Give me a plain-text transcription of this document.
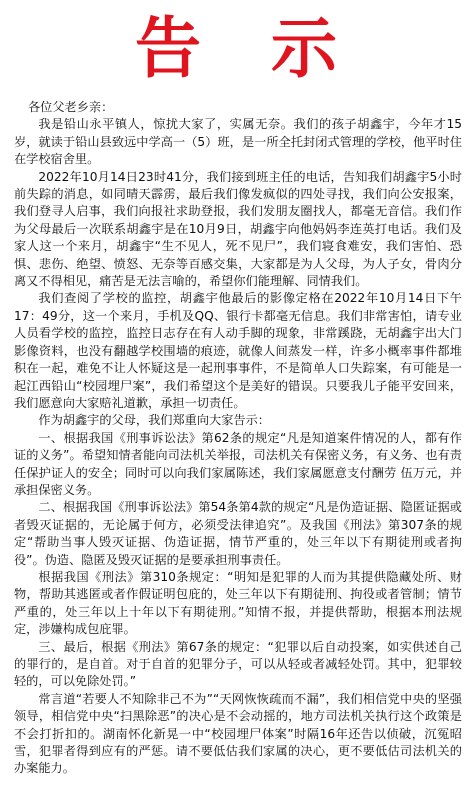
告示

各位父老乡亲：

我是铅山永平镇人，惊扰大家了，实属无奈。我们的孩子胡鑫宇，今年才15岁，就读于铅山县致远中学高一（5）班，是一所全托封闭式管理的学校，他平时住在学校宿舍里。

2022年10月14日23时41分，我们接到班主任的电话，告知我们胡鑫宇5小时前失踪的消息，如同晴天霹雳，最后我们像发疯似的四处寻找，我们向公安报案，我们登寻人启事，我们向报社求助登报，我们发朋友圈找人，都毫无音信。我们作为父母最后一次联系胡鑫宇是在10月9日，胡鑫宇向他妈妈李连英打电话。我们及家人这一个来月，胡鑫宇“生不见人，死不见尸”，我们寝食难安，我们害怕、恐惧、悲伤、绝望、愤怒、无奈等百感交集，大家都是为人父母，为人子女，骨肉分离又不得相见，痛苦是无法言喻的，希望你们能理解、同情我们。

我们查阅了学校的监控，胡鑫宇他最后的影像定格在2022年10月14日下午17：49分，这一个来月，手机及QQ、银行卡都毫无信息。我们非常害怕，请专业人员看学校的监控，监控日志存在有人动手脚的现象，非常蹊跷，无胡鑫宇出大门影像资料，也没有翻越学校围墙的痕迹，就像人间蒸发一样，许多小概率事件都堆积在一起，难免不让人怀疑这是一起刑事事件，不是简单人口失踪案，有可能是一起江西铅山“校园埋尸案”，我们希望这个是美好的错误。只要我儿子能平安回来，我们愿意向大家赔礼道歉，承担一切责任。

作为胡鑫宇的父母，我们郑重向大家告示：

一、根据我国《刑事诉讼法》第62条的规定“凡是知道案件情况的人，都有作证的义务”。希望知情者能向司法机关举报，司法机关有保密义务，有义务、也有责任保护证人的安全；同时可以向我们家属陈述，我们家属愿意支付酬劳 伍万元，并承担保密义务。

二、根据我国《刑事诉讼法》第54条第4款的规定“凡是伪造证据、隐匿证据或者毁灭证据的，无论属于何方，必须受法律追究”。及我国《刑法》第307条的规定“帮助当事人毁灭证据、伪造证据，情节严重的，处三年以下有期徒刑或者拘役”。伪造、隐匿及毁灭证据的是要承担刑事责任。

根据我国《刑法》第310条规定：“明知是犯罪的人而为其提供隐藏处所、财物，帮助其逃匿或者作假证明包庇的，处三年以下有期徒刑、拘役或者管制；情节严重的，处三年以上十年以下有期徒刑。”知情不报，并提供帮助，根据本刑法规定，涉嫌构成包庇罪。

三、最后，根据《刑法》第67条的规定：“犯罪以后自动投案，如实供述自己的罪行的，是自首。对于自首的犯罪分子，可以从轻或者减轻处罚。其中，犯罪较轻的，可以免除处罚。”

常言道“若要人不知除非己不为”“天网恢恢疏而不漏”，我们相信党中央的坚强领导，相信党中央“扫黑除恶”的决心是不会动摇的，地方司法机关执行这个政策是不会打折扣的。湖南怀化新晃一中“校园埋尸体案”时隔16年还告以侦破，沉冤昭雪，犯罪者得到应有的严惩。请不要低估我们家属的决心，更不要低估司法机关的办案能力。
